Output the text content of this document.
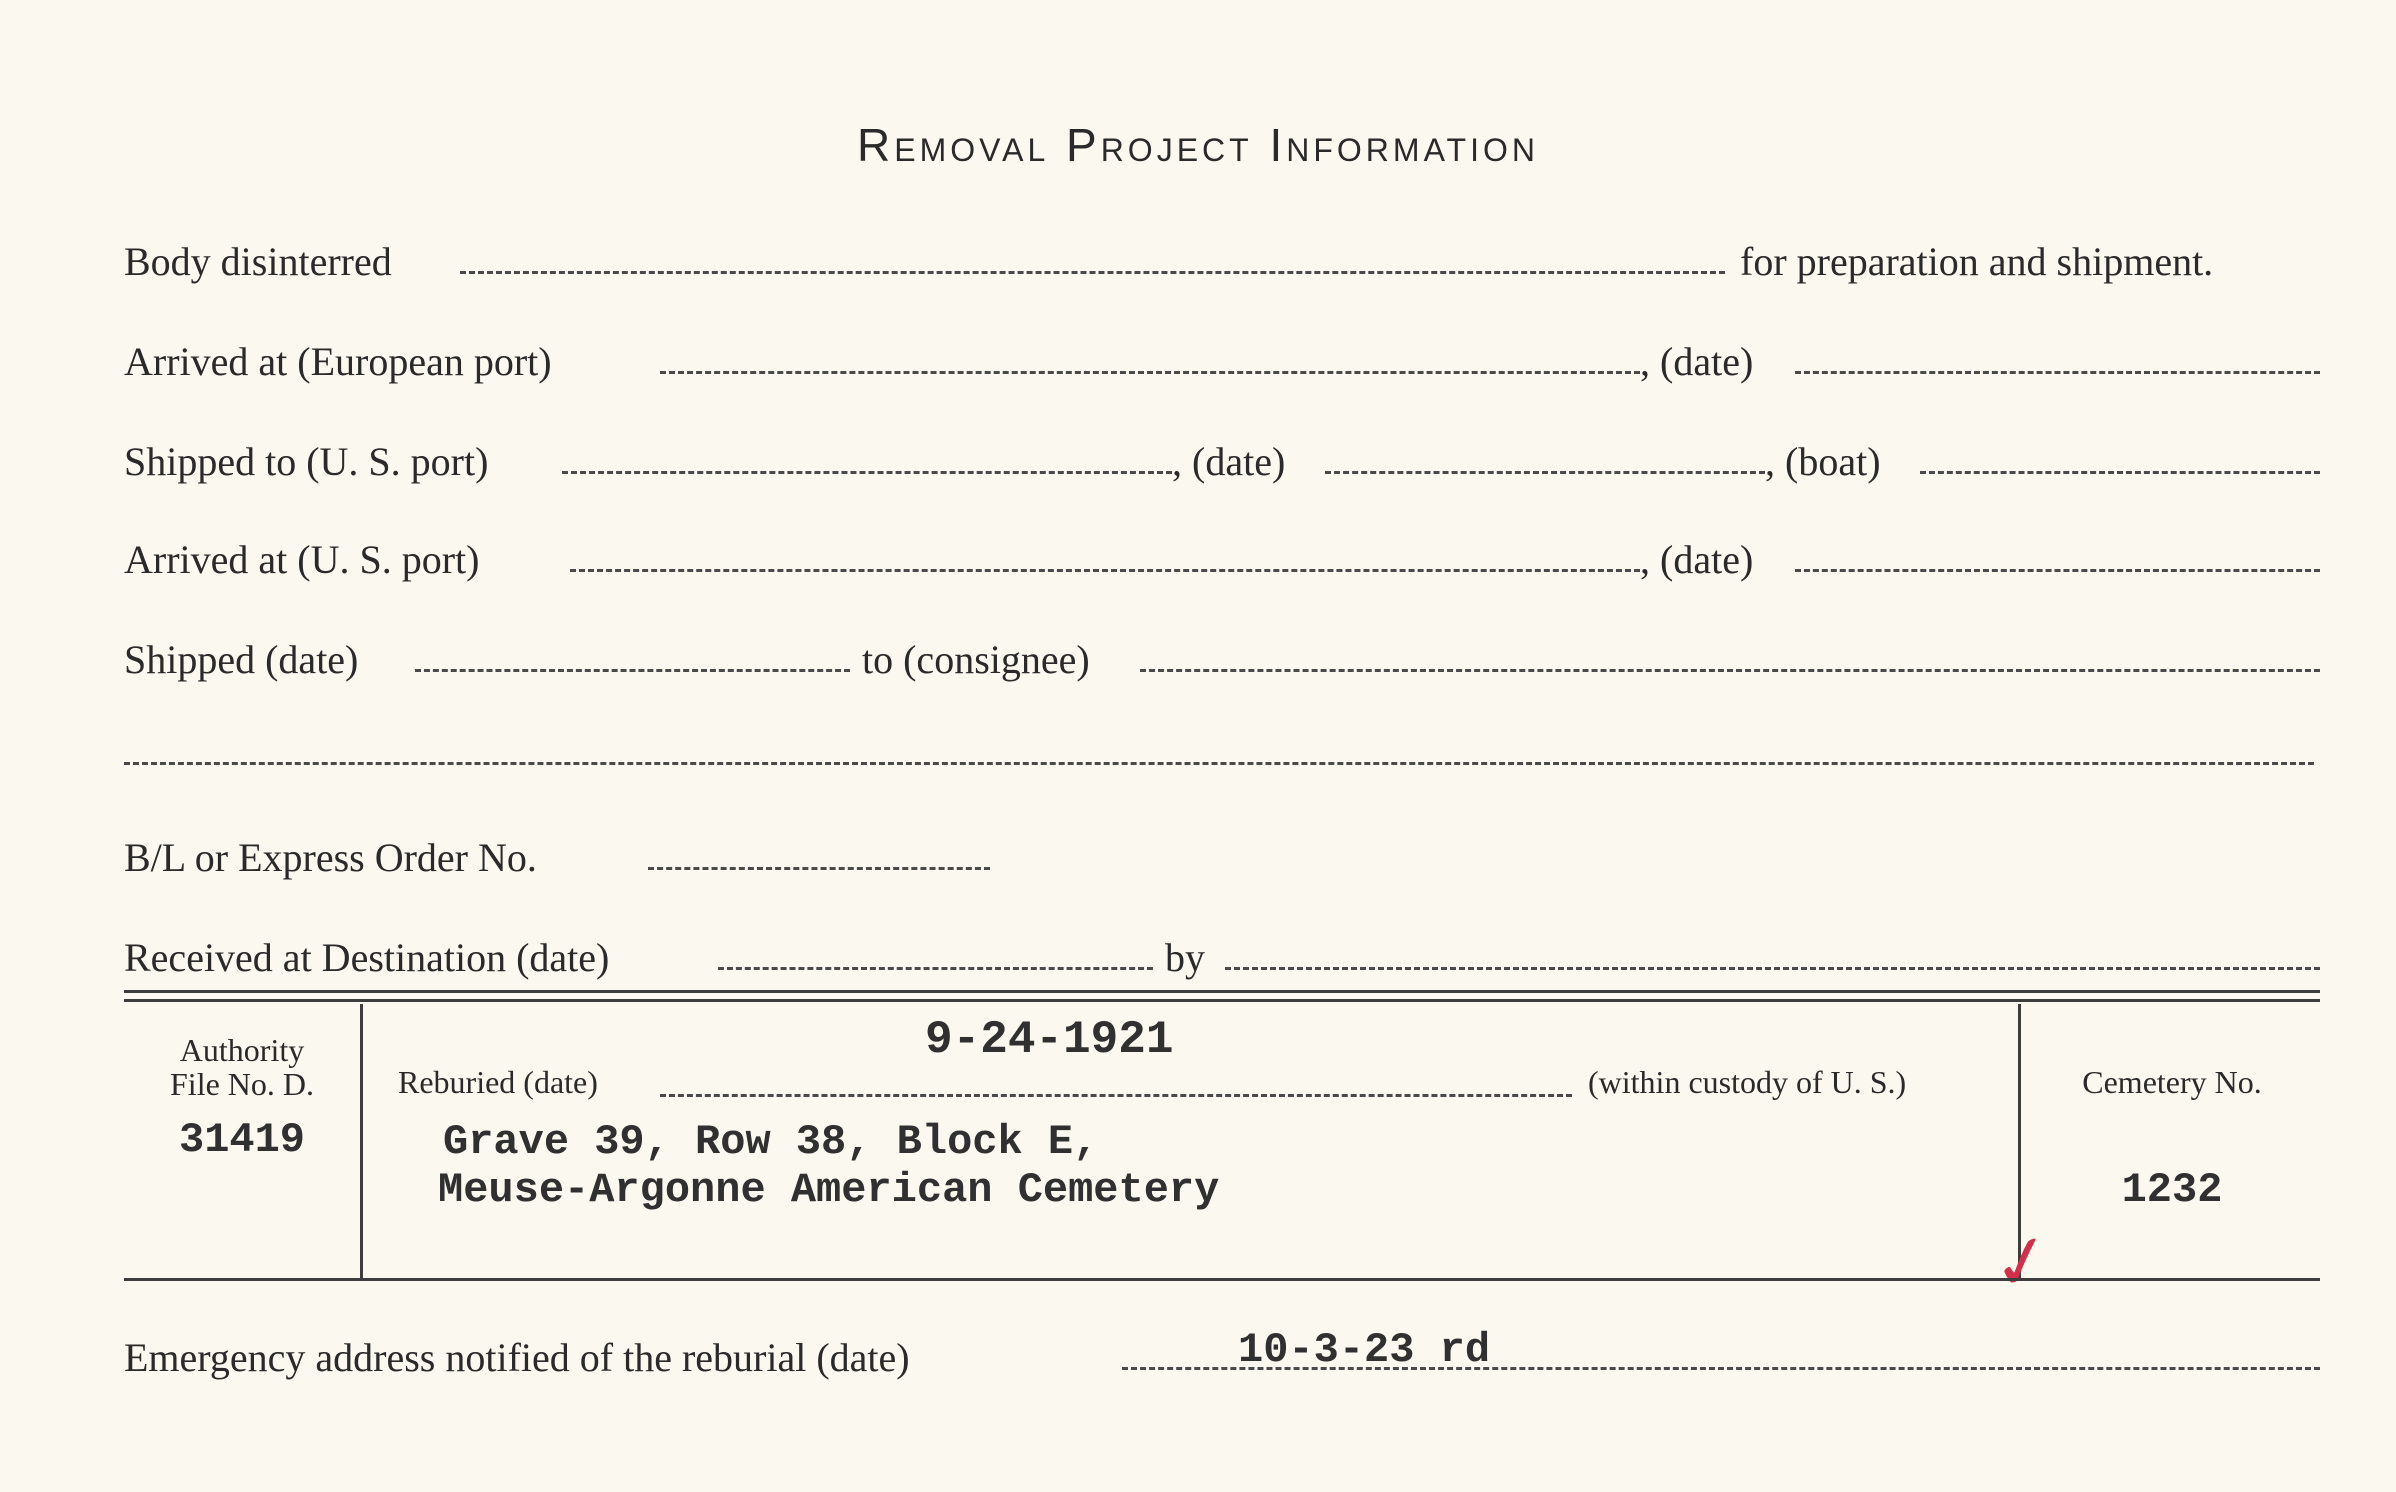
Removal Project Information
Body disinterred	for preparation and shipment.
Arrived at (European port)	, (date)
Shipped to (U. S. port)	, (date)	, (boat)
Arrived at (U. S. port)	, (date)
Shipped (date)	to (consignee)
B/L or Express Order No.
Received at Destination (date)	by
Authority
File No. D.
31419
9-24-1921
Reburied (date)	(within custody of U. S.)
Grave 39, Row 38, Block E,
Meuse-Argonne American Cemetery
Cemetery No.
1232
✓
Emergency address notified of the reburial (date)	10-3-23 rd
